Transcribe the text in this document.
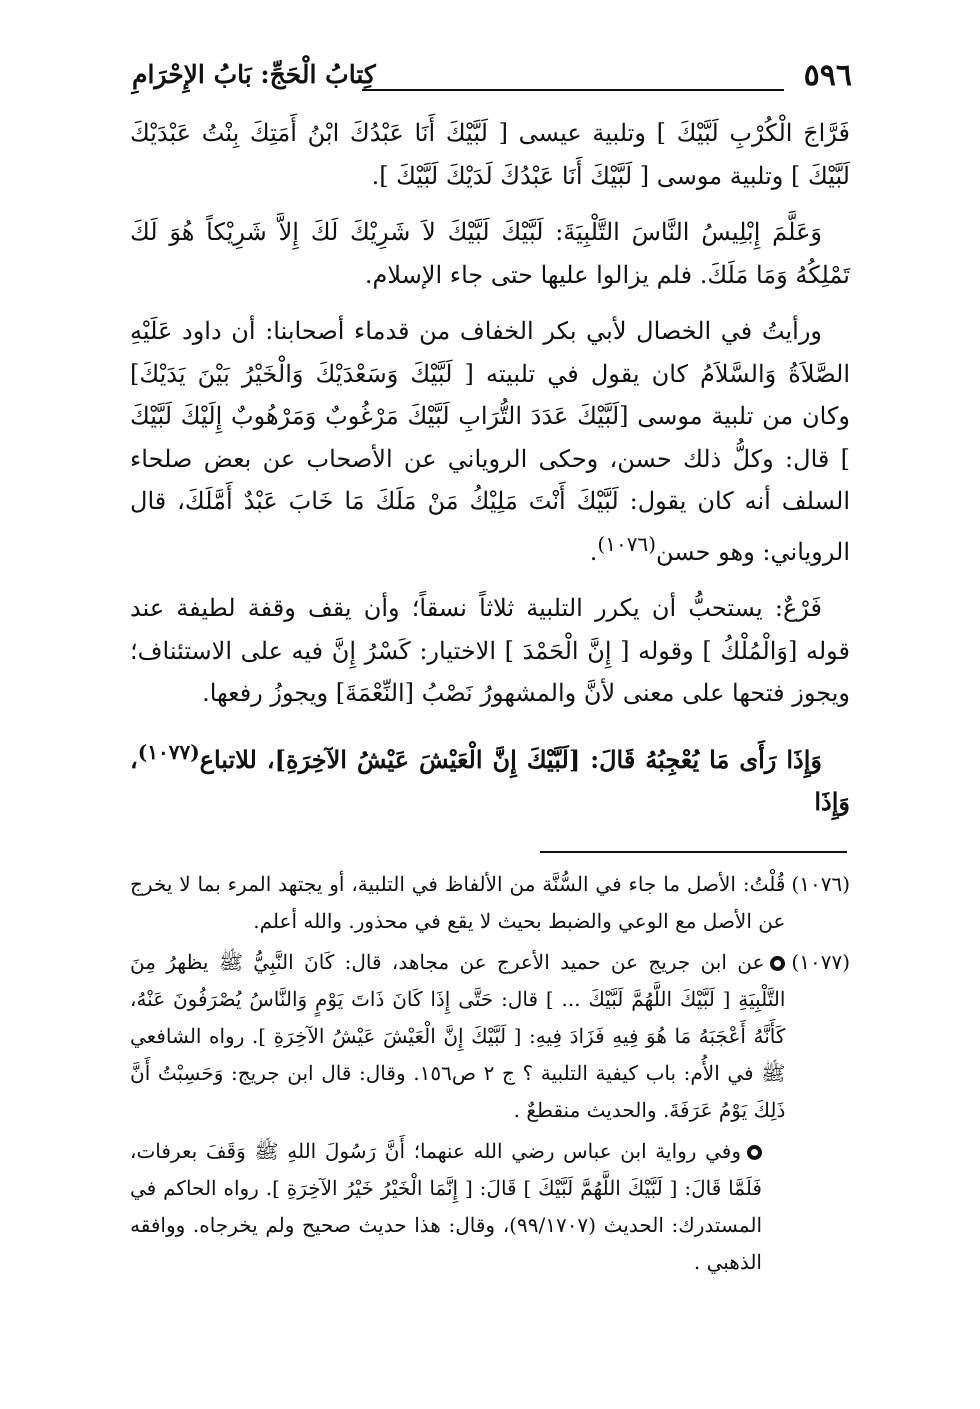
٥٩٦
كِتابُ الْحَجِّ: بَابُ الإِحْرَامِ

فَرَّاجَ الْكُرْبِ لَبَّيْكَ ] وتلبية عيسى [ لَبَّيْكَ أَنَا عَبْدُكَ ابْنُ أَمَتِكَ بِنْتُ عَبْدَيْكَ لَبَّيْكَ ] وتلبية موسى [ لَبَّيْكَ أَنَا عَبْدُكَ لَدَيْكَ لَبَّيْكَ ].

وَعَلَّمَ إِبْلِيسُ النَّاسَ التَّلْبِيَةَ: لَبَّيْكَ لَبَّيْكَ لاَ شَرِيْكَ لَكَ إِلاَّ شَرِيْكاً هُوَ لَكَ تَمْلِكُهُ وَمَا مَلَكَ. فلم يزالوا عليها حتى جاء الإسلام.

ورأيتُ في الخصال لأبي بكر الخفاف من قدماء أصحابنا: أن داود عَلَيْهِ الصَّلاَةُ وَالسَّلاَمُ كان يقول في تلبيته [ لَبَّيْكَ وَسَعْدَيْكَ وَالْخَيْرُ بَيْنَ يَدَيْكَ] وكان من تلبية موسى [لَبَّيْكَ عَدَدَ التُّرَابِ لَبَّيْكَ مَرْغُوبٌ وَمَرْهُوبٌ إِلَيْكَ لَبَّيْكَ ] قال: وكلُّ ذلك حسن، وحكى الروياني عن الأصحاب عن بعض صلحاء السلف أنه كان يقول: لَبَّيْكَ أَنْتَ مَلِيْكُ مَنْ مَلَكَ مَا خَابَ عَبْدٌ أَمَّلَكَ، قال الروياني: وهو حسن$^{(١٠٧٦)}$.

فَرْعٌ: يستحبُّ أن يكرر التلبية ثلاثاً نسقاً؛ وأن يقف وقفة لطيفة عند قوله [وَالْمُلْكُ ] وقوله [ إِنَّ الْحَمْدَ ] الاختيار: كَسْرُ إِنَّ فيه على الاستئناف؛ ويجوز فتحها على معنى لأنَّ والمشهورُ نَصْبُ [النِّعْمَةَ] ويجوزُ رفعها.

وَإِذَا رَأَى مَا يُعْجِبُهُ قَالَ: [لَبَّيْكَ إِنَّ الْعَيْشَ عَيْشُ الآخِرَةِ]، للاتباع$^{(١٠٧٧)}$، وَإِذَا

(١٠٧٦)

قُلْتُ: الأصل ما جاء في السُّنَّة من الألفاظ في التلبية، أو يجتهد المرء بما لا يخرج عن الأصل مع الوعي والضبط بحيث لا يقع في محذور. والله أعلم.

(١٠٧٧)

عن ابن جريج عن حميد الأعرج عن مجاهد، قال: كَانَ النَّبِيُّ ﷺ يظهرُ مِنَ التَّلْبِيَةِ [ لَبَّيْكَ اللَّهُمَّ لَبَّيْكَ ... ] قال: حَتَّى إِذَا كَانَ ذَاتَ يَوْمٍ وَالنَّاسُ يُصْرَفُونَ عَنْهُ، كَأَنَّهُ أَعْجَبَهُ مَا هُوَ فِيهِ فَزَادَ فِيهِ: [ لَبَّيْكَ إِنَّ الْعَيْشَ عَيْشُ الآخِرَةِ ]. رواه الشافعي ﷺ في الأُم: باب كيفية التلبية ؟ ج ٢ ص١٥٦. وقال: قال ابن جريج: وَحَسِبْتُ أَنَّ ذَلِكَ يَوْمُ عَرَفَةَ. والحديث منقطعٌ .

وفي رواية ابن عباس رضي الله عنهما؛ أَنَّ رَسُولَ اللهِ ﷺ وَقَفَ بعرفات، فَلَمَّا قَالَ: [ لَبَّيْكَ اللَّهُمَّ لَبَّيْكَ ] قَالَ: [ إِنَّمَا الْخَيْرُ خَيْرُ الآخِرَةِ ]. رواه الحاكم في المستدرك: الحديث (٩٩/١٧٠٧)، وقال: هذا حديث صحيح ولم يخرجاه. ووافقه الذهبي .
